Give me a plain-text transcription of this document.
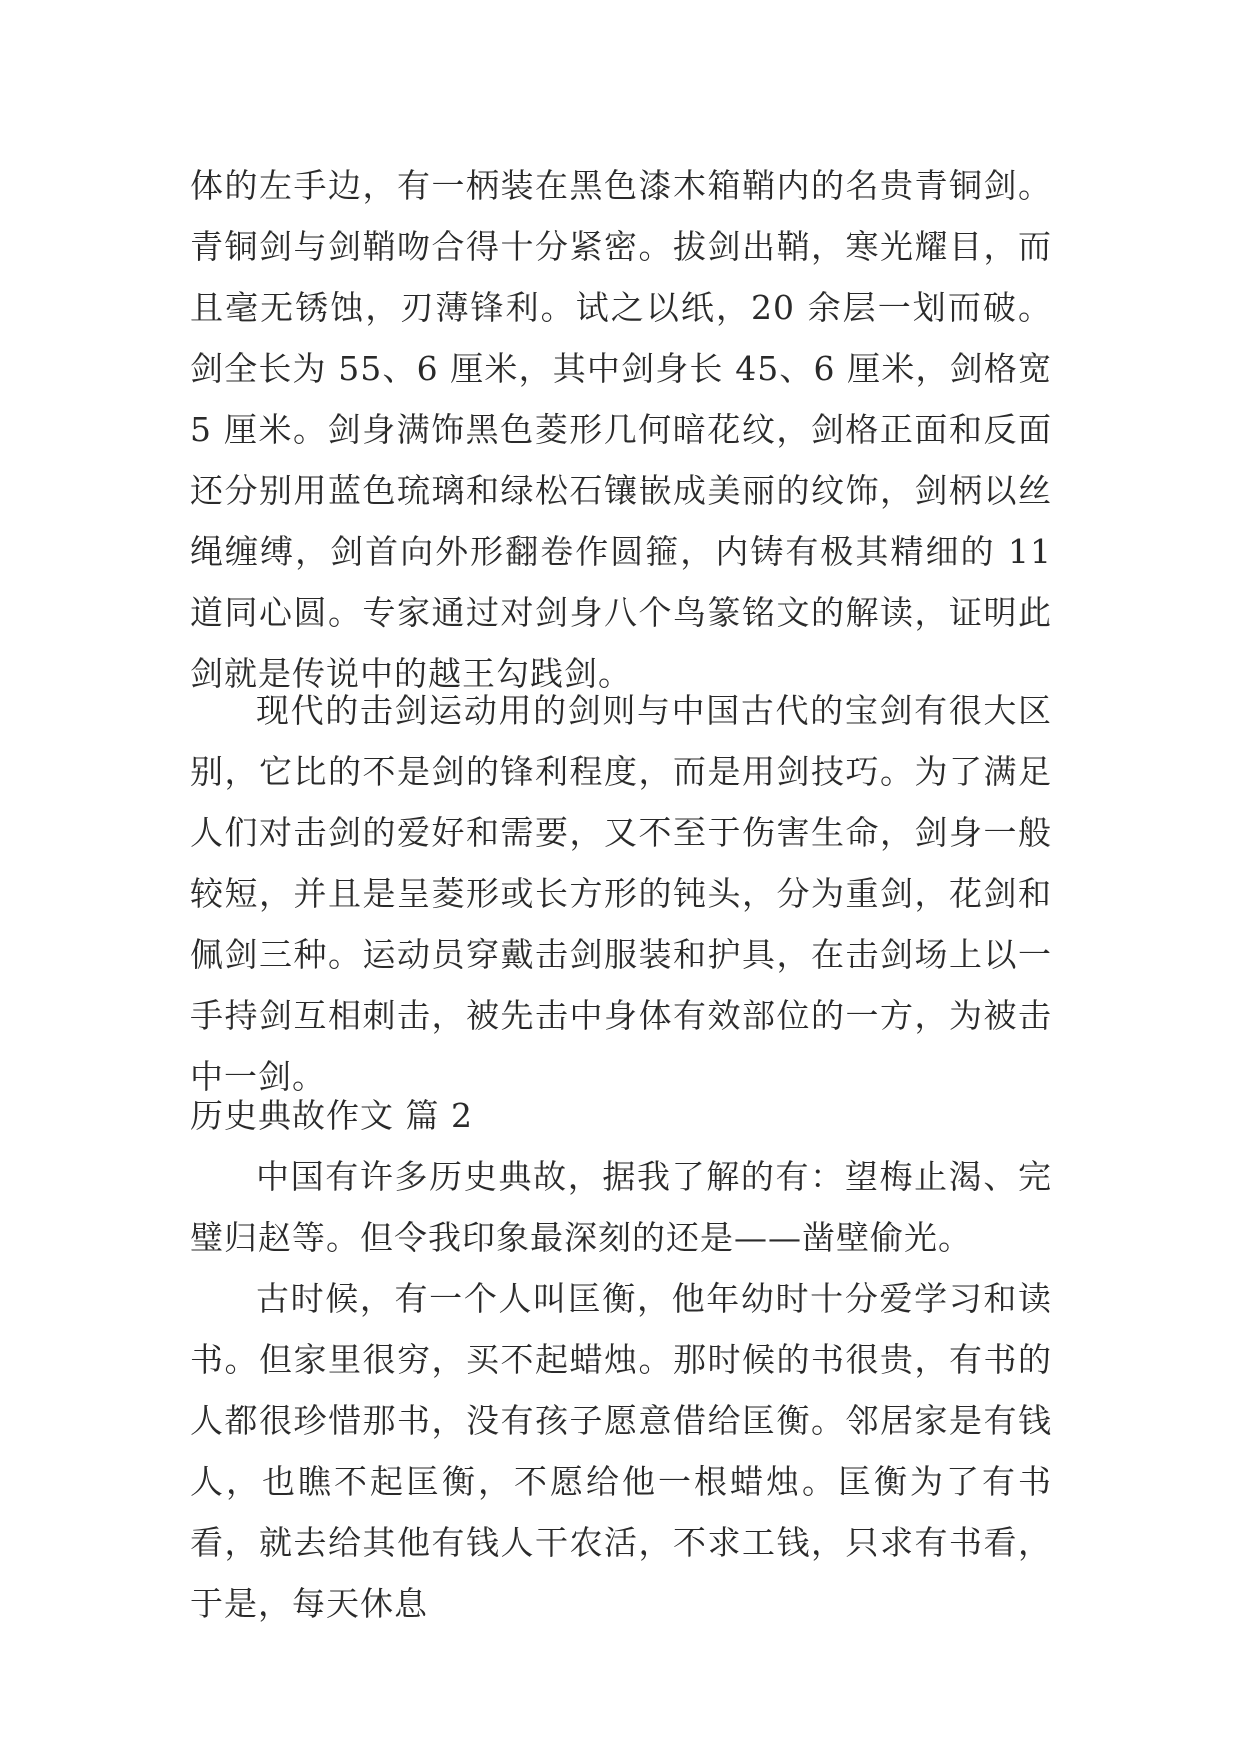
体的左手边，有一柄装在黑色漆木箱鞘内的名贵青铜剑。青铜剑与剑鞘吻合得十分紧密。拔剑出鞘，寒光耀目，而且毫无锈蚀，刃薄锋利。试之以纸，20 余层一划而破。剑全长为 55、6 厘米，其中剑身长 45、6 厘米，剑格宽 5 厘米。剑身满饰黑色菱形几何暗花纹，剑格正面和反面还分别用蓝色琉璃和绿松石镶嵌成美丽的纹饰，剑柄以丝绳缠缚，剑首向外形翻卷作圆箍，内铸有极其精细的 11 道同心圆。专家通过对剑身八个鸟篆铭文的解读，证明此剑就是传说中的越王勾践剑。

现代的击剑运动用的剑则与中国古代的宝剑有很大区别，它比的不是剑的锋利程度，而是用剑技巧。为了满足人们对击剑的爱好和需要，又不至于伤害生命，剑身一般较短，并且是呈菱形或长方形的钝头，分为重剑，花剑和佩剑三种。运动员穿戴击剑服装和护具，在击剑场上以一手持剑互相刺击，被先击中身体有效部位的一方，为被击中一剑。

历史典故作文 篇 2

中国有许多历史典故，据我了解的有：望梅止渴、完璧归赵等。但令我印象最深刻的还是——凿壁偷光。

古时候，有一个人叫匡衡，他年幼时十分爱学习和读书。但家里很穷，买不起蜡烛。那时候的书很贵，有书的人都很珍惜那书，没有孩子愿意借给匡衡。邻居家是有钱人，也瞧不起匡衡，不愿给他一根蜡烛。匡衡为了有书看，就去给其他有钱人干农活，不求工钱，只求有书看，于是，每天休息
